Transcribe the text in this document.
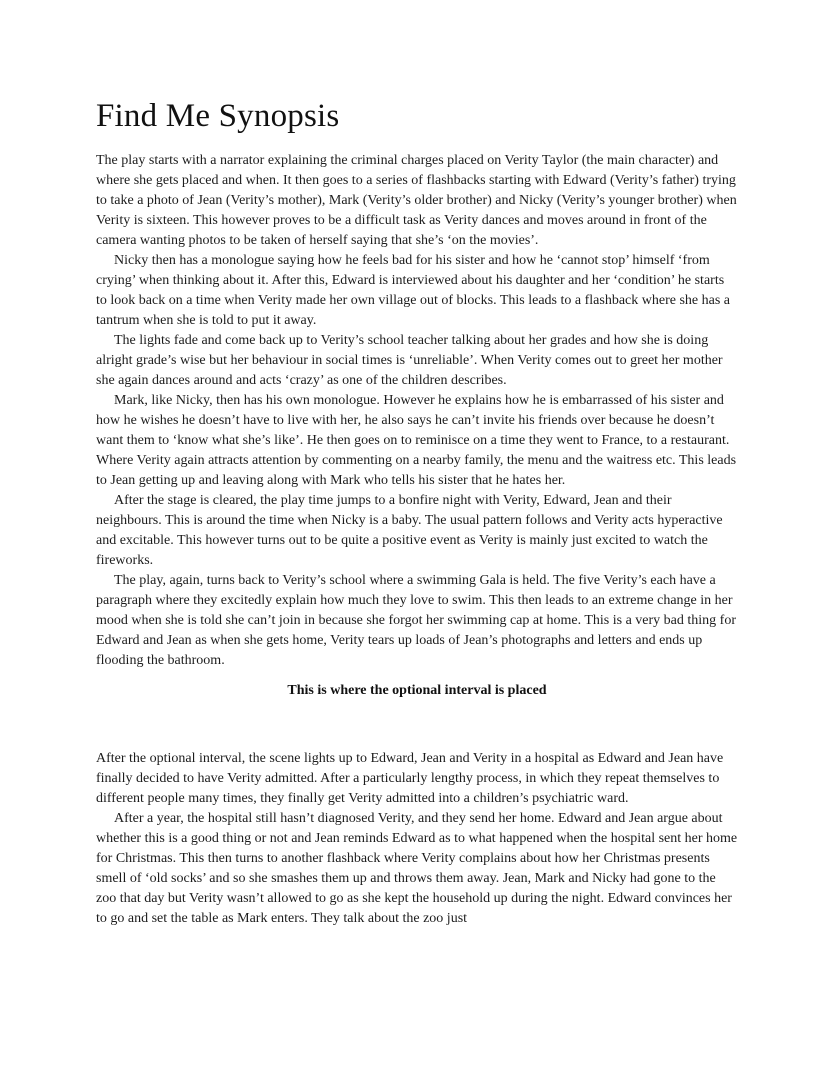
Find Me Synopsis

The play starts with a narrator explaining the criminal charges placed on Verity Taylor (the main character) and where she gets placed and when. It then goes to a series of flashbacks starting with Edward (Verity’s father) trying to take a photo of Jean (Verity’s mother), Mark (Verity’s older brother) and Nicky (Verity’s younger brother) when Verity is sixteen. This however proves to be a difficult task as Verity dances and moves around in front of the camera wanting photos to be taken of herself saying that she’s ‘on the movies’.

Nicky then has a monologue saying how he feels bad for his sister and how he ‘cannot stop’ himself ‘from crying’ when thinking about it. After this, Edward is interviewed about his daughter and her ‘condition’ he starts to look back on a time when Verity made her own village out of blocks. This leads to a flashback where she has a tantrum when she is told to put it away.

The lights fade and come back up to Verity’s school teacher talking about her grades and how she is doing alright grade’s wise but her behaviour in social times is ‘unreliable’. When Verity comes out to greet her mother she again dances around and acts ‘crazy’ as one of the children describes.

Mark, like Nicky, then has his own monologue. However he explains how he is embarrassed of his sister and how he wishes he doesn’t have to live with her, he also says he can’t invite his friends over because he doesn’t want them to ‘know what she’s like’. He then goes on to reminisce on a time they went to France, to a restaurant. Where Verity again attracts attention by commenting on a nearby family, the menu and the waitress etc. This leads to Jean getting up and leaving along with Mark who tells his sister that he hates her.

After the stage is cleared, the play time jumps to a bonfire night with Verity, Edward, Jean and their neighbours. This is around the time when Nicky is a baby. The usual pattern follows and Verity acts hyperactive and excitable. This however turns out to be quite a positive event as Verity is mainly just excited to watch the fireworks.

The play, again, turns back to Verity’s school where a swimming Gala is held. The five Verity’s each have a paragraph where they excitedly explain how much they love to swim. This then leads to an extreme change in her mood when she is told she can’t join in because she forgot her swimming cap at home. This is a very bad thing for Edward and Jean as when she gets home, Verity tears up loads of Jean’s photographs and letters and ends up flooding the bathroom.

This is where the optional interval is placed

After the optional interval, the scene lights up to Edward, Jean and Verity in a hospital as Edward and Jean have finally decided to have Verity admitted. After a particularly lengthy process, in which they repeat themselves to different people many times, they finally get Verity admitted into a children’s psychiatric ward.

After a year, the hospital still hasn’t diagnosed Verity, and they send her home. Edward and Jean argue about whether this is a good thing or not and Jean reminds Edward as to what happened when the hospital sent her home for Christmas. This then turns to another flashback where Verity complains about how her Christmas presents smell of ‘old socks’ and so she smashes them up and throws them away. Jean, Mark and Nicky had gone to the zoo that day but Verity wasn’t allowed to go as she kept the household up during the night. Edward convinces her to go and set the table as Mark enters. They talk about the zoo just
